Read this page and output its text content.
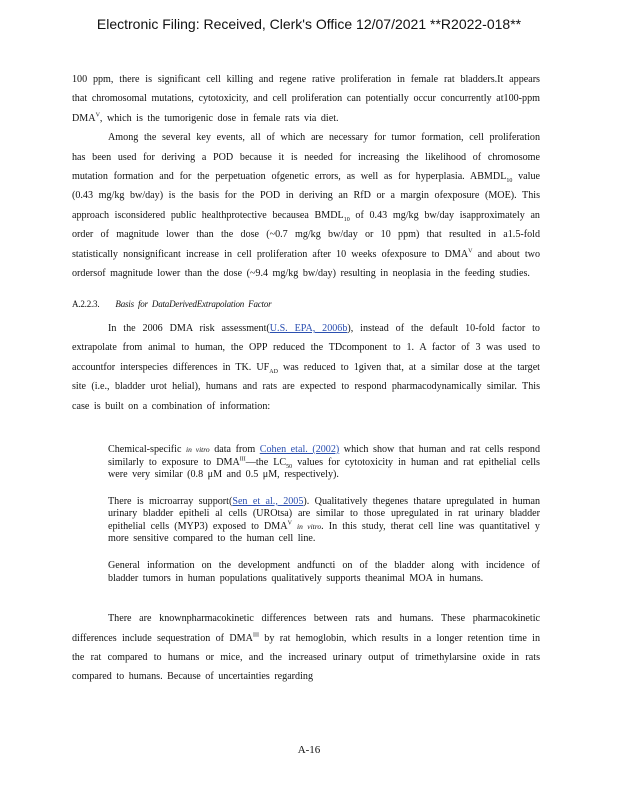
Electronic Filing: Received, Clerk's Office 12/07/2021 **R2022-018**

100 ppm, there is significant cell killing and regene rative proliferation in female rat bladders.It appears that chromosomal mutations, cytotoxicity, and cell proliferation can potentially occur concurrently at100-ppm $DMA^V$, which is the tumorigenic dose in female rats via diet.

Among the several key events, all of which are necessary for tumor formation, cell proliferation has been used for deriving a POD because it is needed for increasing the likelihood of chromosome mutation formation and for the perpetuation ofgenetic errors, as well as for hyperplasia. $ABMDL_{10}$ value (0.43 mg/kg bw/day) is the basis for the POD in deriving an RfD or a margin ofexposure (MOE). This approach isconsidered public healthprotective becausea $BMDL_{10}$ of 0.43 mg/kg bw/day isapproximately an order of magnitude lower than the dose (~0.7 mg/kg bw/day or 10 ppm) that resulted in a1.5-fold statistically nonsignificant increase in cell proliferation after 10 weeks ofexposure to $DMA^V$ and about two ordersof magnitude lower than the dose (~9.4 mg/kg bw/day) resulting in neoplasia in the feeding studies.

A.2.2.3. Basis for DataDerivedExtrapolation Factor

In the 2006 DMA risk assessment(U.S. EPA, 2006b), instead of the default 10-fold factor to extrapolate from animal to human, the OPP reduced the TDcomponent to 1. A factor of 3 was used to accountfor interspecies differences in TK. $UF_{AD}$ was reduced to 1given that, at a similar dose at the target site (i.e., bladder urot helial), humans and rats are expected to respond pharmacodynamically similar. This case is built on a combination of information:

Chemical-specific in vitro data from Cohen etal. (2002) which show that human and rat cells respond similarly to exposure to $DMA^{III}—the$ $LC_{50}$ values for cytotoxicity in human and rat epithelial cells were very similar (0.8 μM and 0.5 μM, respectively).
There is microarray support(Sen et al., 2005). Qualitatively thegenes thatare upregulated in human urinary bladder epitheli al cells (UROtsa) are similar to those upregulated in rat urinary bladder epithelial cells (MYP3) exposed to $DMA^V$ in vitro. In this study, therat cell line was quantitativel y more sensitive compared to the human cell line.
General information on the development andfuncti on of the bladder along with incidence of bladder tumors in human populations qualitatively supports theanimal MOA in humans.

There are knownpharmacokinetic differences between rats and humans. These pharmacokinetic differences include sequestration of $DMA^{III}$ by rat hemoglobin, which results in a longer retention time in the rat compared to humans or mice, and the increased urinary output of trimethylarsine oxide in rats compared to humans. Because of uncertainties regarding

A-16
